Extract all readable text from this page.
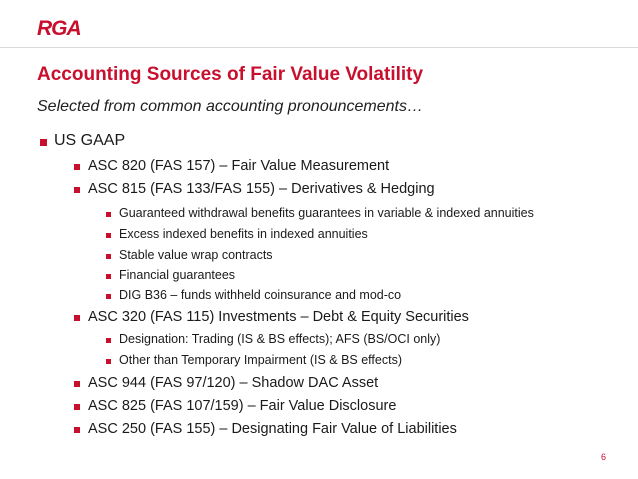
RGA
Accounting Sources of Fair Value Volatility
Selected from common accounting pronouncements…
US GAAP
ASC 820 (FAS 157) – Fair Value Measurement
ASC 815 (FAS 133/FAS 155) – Derivatives & Hedging
Guaranteed withdrawal benefits guarantees in variable & indexed annuities
Excess indexed benefits in indexed annuities
Stable value wrap contracts
Financial guarantees
DIG B36 – funds withheld coinsurance and mod-co
ASC 320 (FAS 115) Investments – Debt & Equity Securities
Designation: Trading (IS & BS effects); AFS (BS/OCI only)
Other than Temporary Impairment (IS & BS effects)
ASC 944 (FAS 97/120) – Shadow DAC Asset
ASC 825 (FAS 107/159) – Fair Value Disclosure
ASC 250 (FAS 155) – Designating Fair Value of Liabilities
6
